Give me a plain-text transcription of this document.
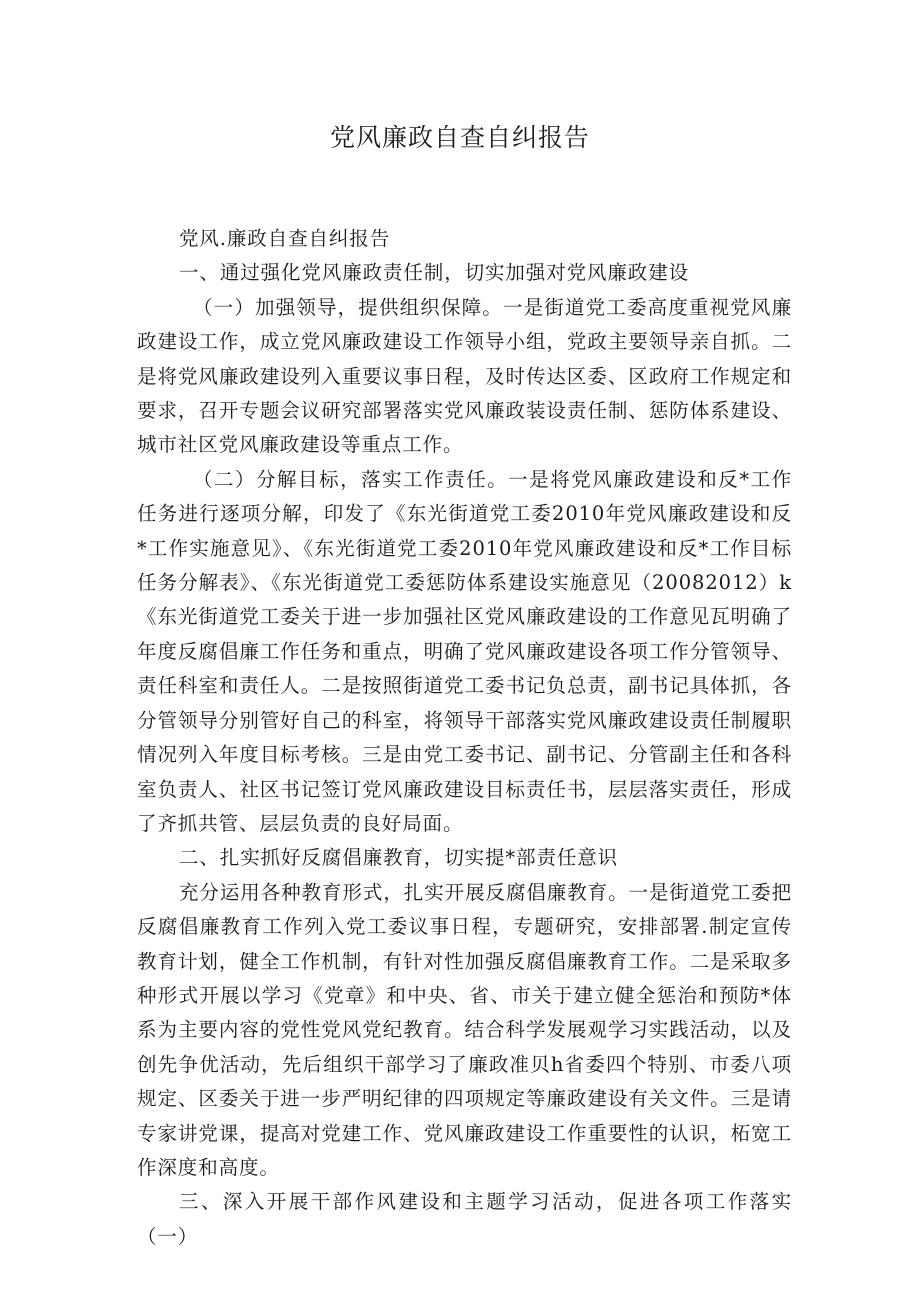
党风廉政自查自纠报告

党风.廉政自查自纠报告

一、通过强化党风廉政责任制，切实加强对党风廉政建设

（一）加强领导，提供组织保障。一是街道党工委高度重视党风廉政建设工作，成立党风廉政建设工作领导小组，党政主要领导亲自抓。二是将党风廉政建设列入重要议事日程，及时传达区委、区政府工作规定和要求，召开专题会议研究部署落实党风廉政装设责任制、惩防体系建设、城市社区党风廉政建设等重点工作。

（二）分解目标，落实工作责任。一是将党风廉政建设和反*工作任务进行逐项分解，印发了《东光街道党工委2010年党风廉政建设和反*工作实施意见》、《东光街道党工委2010年党风廉政建设和反*工作目标任务分解表》、《东光街道党工委惩防体系建设实施意见（20082012）k《东光街道党工委关于进一步加强社区党风廉政建设的工作意见瓦明确了年度反腐倡廉工作任务和重点，明确了党风廉政建设各项工作分管领导、责任科室和责任人。二是按照街道党工委书记负总责，副书记具体抓，各分管领导分别管好自己的科室，将领导干部落实党风廉政建设责任制履职情况列入年度目标考核。三是由党工委书记、副书记、分管副主任和各科室负责人、社区书记签订党风廉政建设目标责任书，层层落实责任，形成了齐抓共管、层层负责的良好局面。

二、扎实抓好反腐倡廉教育，切实提*部责任意识

充分运用各种教育形式，扎实开展反腐倡廉教育。一是街道党工委把反腐倡廉教育工作列入党工委议事日程，专题研究，安排部署.制定宣传教育计划，健全工作机制，有针对性加强反腐倡廉教育工作。二是采取多种形式开展以学习《党章》和中央、省、市关于建立健全惩治和预防*体系为主要内容的党性党风党纪教育。结合科学发展观学习实践活动，以及创先争优活动，先后组织干部学习了廉政准贝h省委四个特别、市委八项规定、区委关于进一步严明纪律的四项规定等廉政建设有关文件。三是请专家讲党课，提高对党建工作、党风廉政建设工作重要性的认识，柘宽工作深度和高度。

三、深入开展干部作风建设和主题学习活动，促进各项工作落实（一）
